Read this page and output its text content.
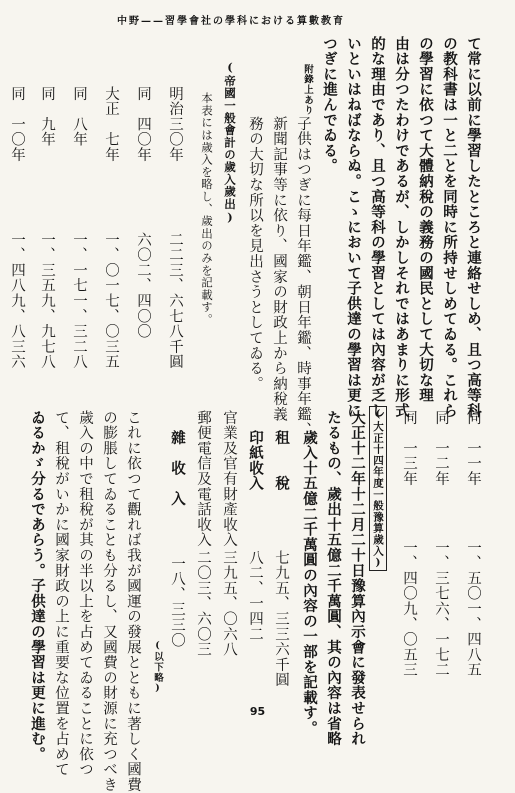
中野——習學會社の學科における算數教育
て常に以前に學習したところと連絡せしめ、且つ高等科
の教科書は一と二とを同時に所持せしめてゐる。これら
の學習に依つて大體納稅の義務の國民として大切な理
由は分つたわけであるが、しかしそれではあまりに形式
的な理由であり、且つ高等科の學習としては內容が乏し
いといはねばならぬ。こゝにおいて子供達の學習は更に
つぎに進んでゐる。
附錄上あり
子供はつぎに每日年鑑、朝日年鑑、時事年鑑、
新聞記事等に依り、國家の財政上から納稅義
務の大切な所以を見出さうとしてゐる。
(帝國一般會計の歲入歲出)
本表には歲入を略し、歲出のみを記載す。
明治三〇年
二二三、六七八千圓
同　四〇年
六〇二、四〇〇
大正　七年
一、〇一七、〇三五
同　八年
一、一七一、三二八
同　九年
一、三五九、九七八
同　一〇年
一、四八九、八三六
同　一一年
一、五〇一、四八五
同　一二年
一、三七六、一七二
同　一三年
一、四〇九、〇五三
(大正十四年度一般豫算歲入)
大正十二年十二月二十日豫算內示會に發表せられ
たるもの、歲出十五億二千萬圓、其の內容は省略
歲入十五億二千萬圓の內容の一部を記載す。
租　　稅
七九五、三三六千圓
印紙收入
八二、一四二
官業及官有財產收入
三九五、〇六八
郵便電信及電話收入
二〇三、六〇三
雜　收　入
一八、三三〇
(以下略)
これに依つて觀れば我が國運の發展とともに著しく國費
の膨脹してゐることも分るし、又國費の財源に充つべき
歲入の中で租稅が其の半以上を占めてゐることに依つ
て、租稅がいかに國家財政の上に重要な位置を占めて
ゐるかゞ分るであらう。子供達の學習は更に進む。	95
